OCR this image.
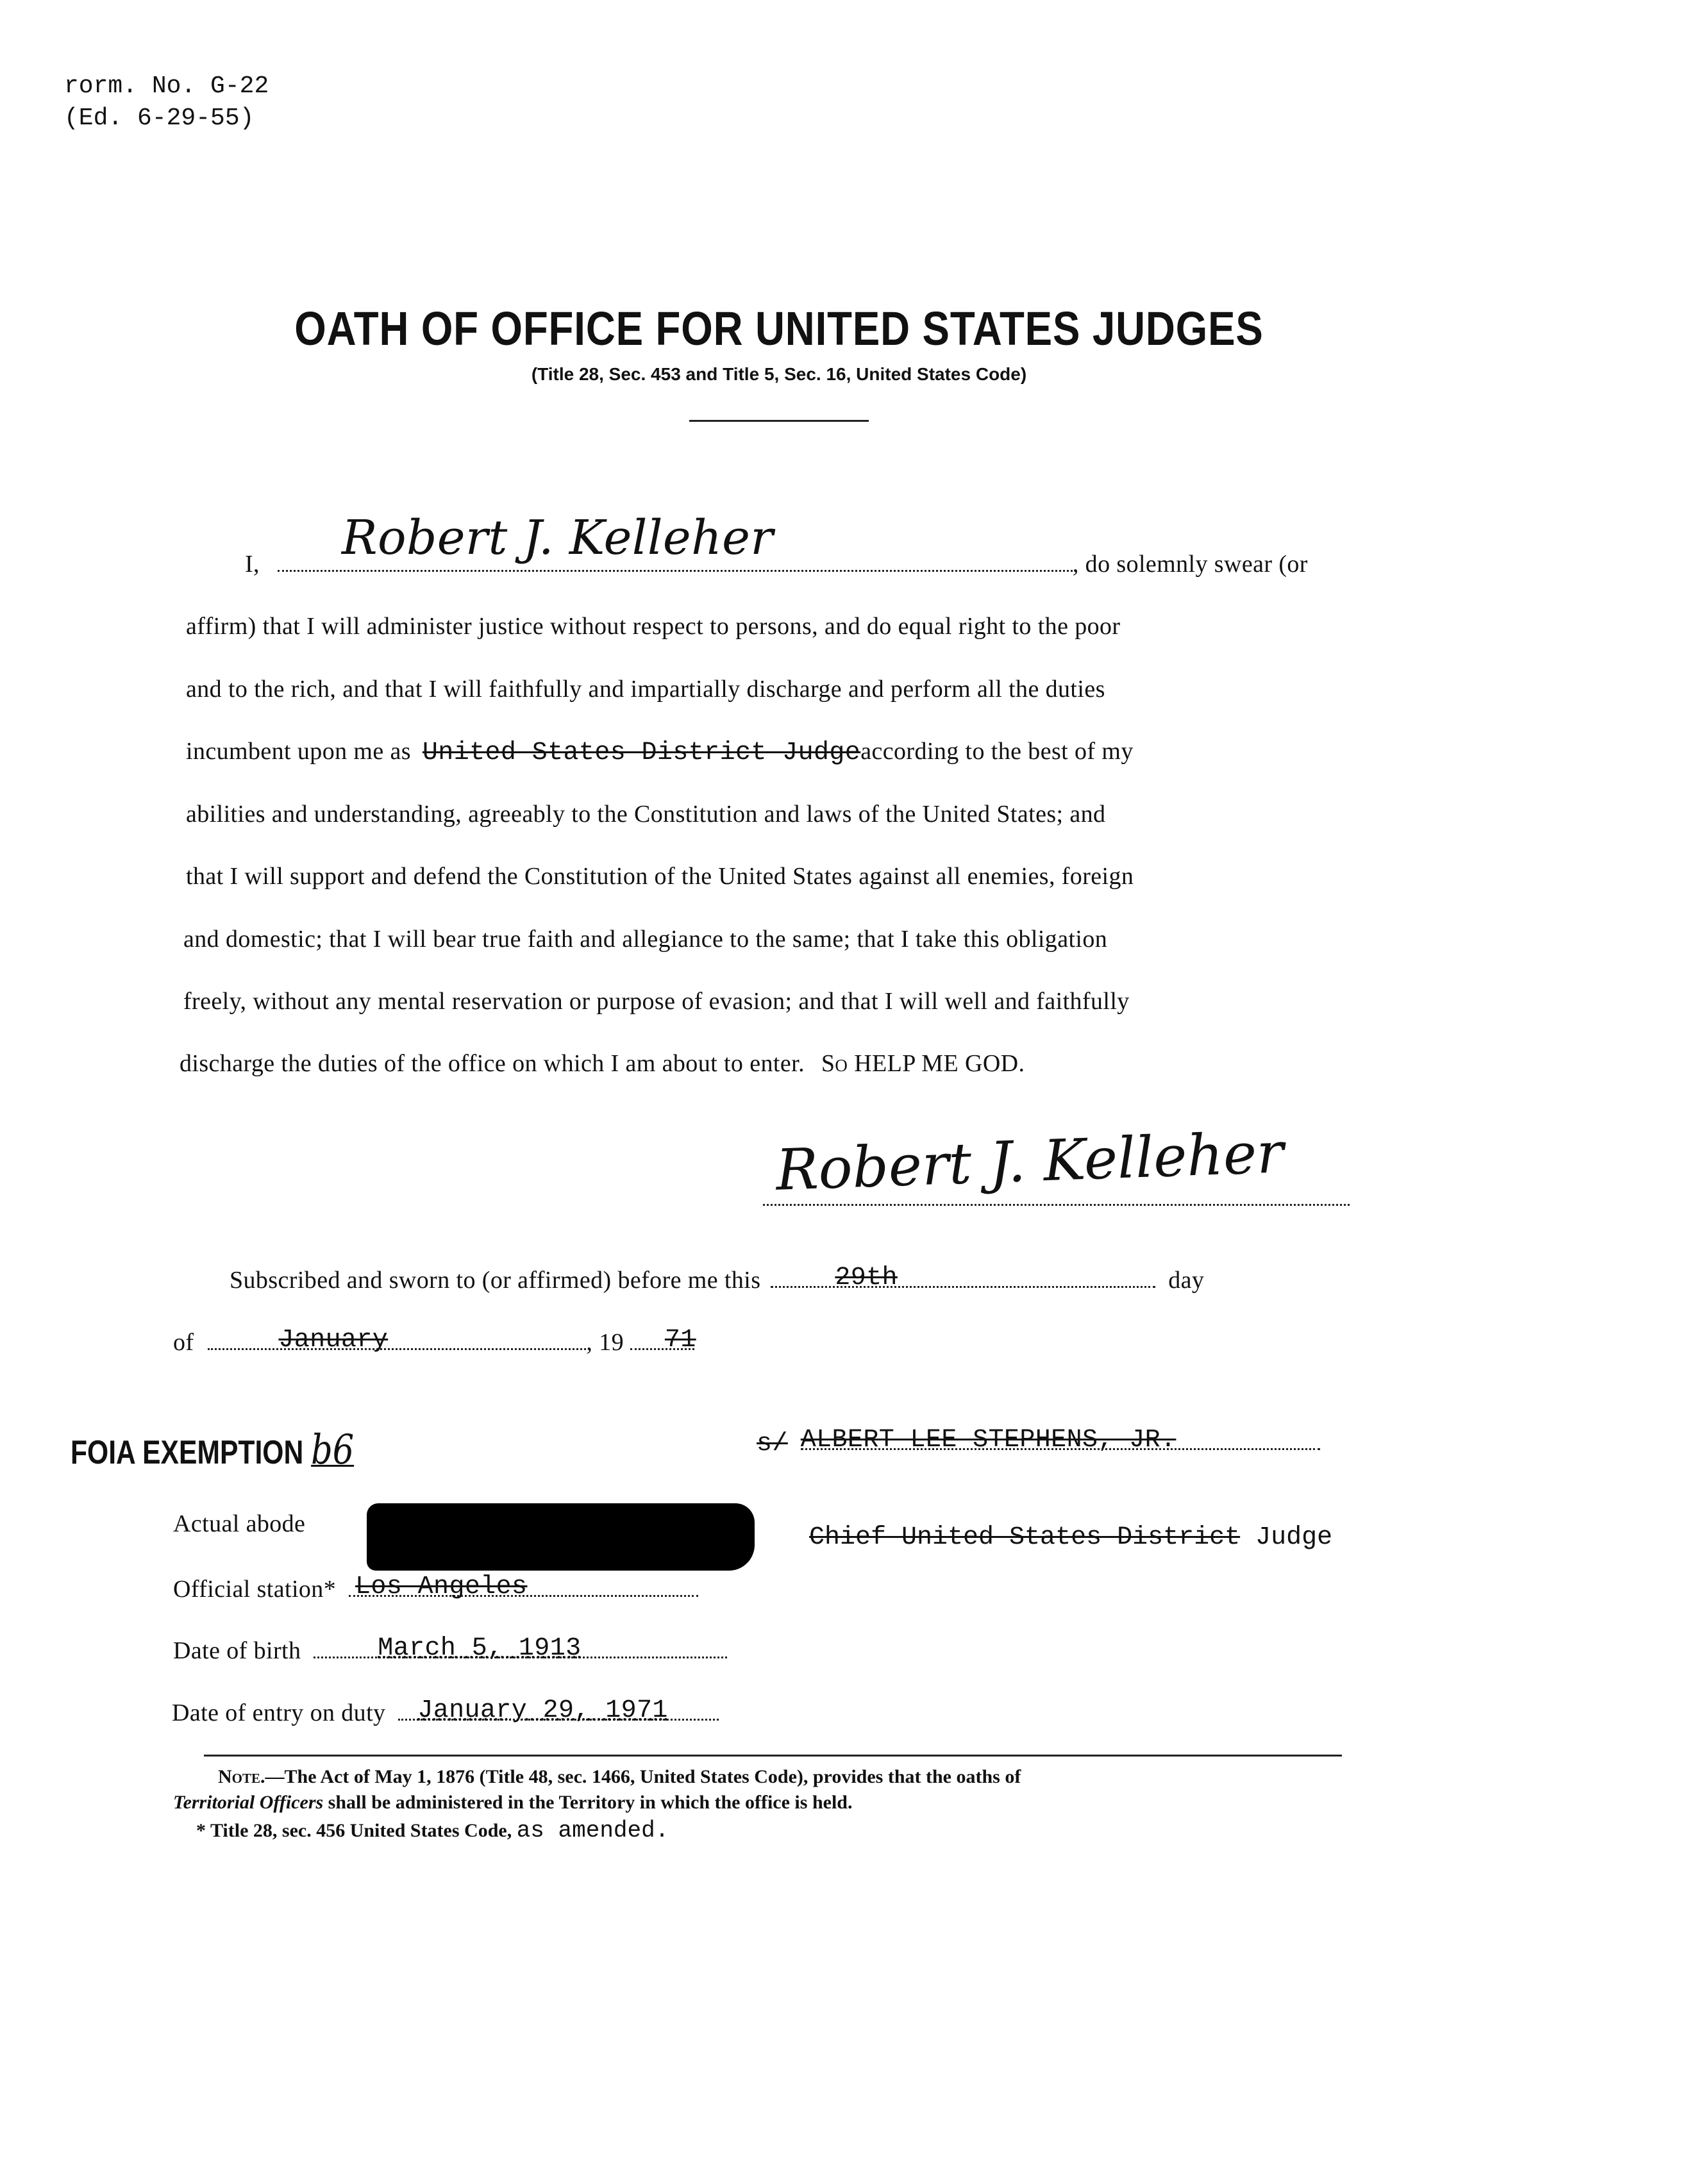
rorm. No. G-22
(Ed. 6-29-55)
OATH OF OFFICE FOR UNITED STATES JUDGES
(Title 28, Sec. 453 and Title 5, Sec. 16, United States Code)
I, Robert J. Kelleher	, do solemnly swear (or
affirm) that I will administer justice without respect to persons, and do equal right to the poor
and to the rich, and that I will faithfully and impartially discharge and perform all the duties
incumbent upon me as United States District Judgeaccording to the best of my
abilities and understanding, agreeably to the Constitution and laws of the United States; and
that I will support and defend the Constitution of the United States against all enemies, foreign
and domestic; that I will bear true faith and allegiance to the same; that I take this obligation
freely, without any mental reservation or purpose of evasion; and that I will well and faithfully
discharge the duties of the office on which I am about to enter. So HELP ME GOD.
Robert J. Kelleher
Subscribed and sworn to (or affirmed) before me this	29th	day
of	January	, 19 71
FOIA EXEMPTION b6	s/ ALBERT LEE STEPHENS, JR.
Chief United States District Judge
Actual abode
Official station* Los Angeles
Date of birth	March 5, 1913
Date of entry on duty January 29, 1971
Note.—The Act of May 1, 1876 (Title 48, sec. 1466, United States Code), provides that the oaths of
Territorial Officers shall be administered in the Territory in which the office is held.
* Title 28, sec. 456 United States Code, as amended.
